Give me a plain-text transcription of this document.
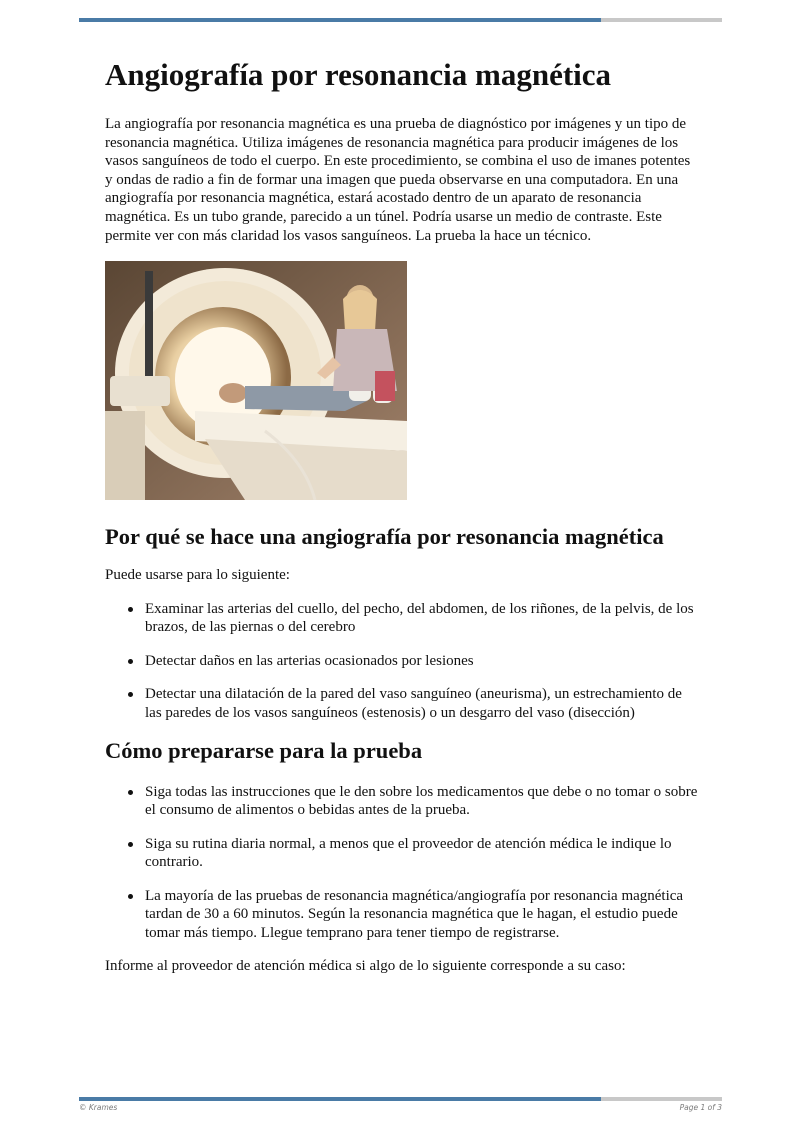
Angiografía por resonancia magnética

La angiografía por resonancia magnética es una prueba de diagnóstico por imágenes y un tipo de resonancia magnética. Utiliza imágenes de resonancia magnética para producir imágenes de los vasos sanguíneos de todo el cuerpo. En este procedimiento, se combina el uso de imanes potentes y ondas de radio a fin de formar una imagen que pueda observarse en una computadora. En una angiografía por resonancia magnética, estará acostado dentro de un aparato de resonancia magnética. Es un tubo grande, parecido a un túnel. Podría usarse un medio de contraste. Este permite ver con más claridad los vasos sanguíneos. La prueba la hace un técnico.

Por qué se hace una angiografía por resonancia magnética

Puede usarse para lo siguiente:

Examinar las arterias del cuello, del pecho, del abdomen, de los riñones, de la pelvis, de los brazos, de las piernas o del cerebro
Detectar daños en las arterias ocasionados por lesiones
Detectar una dilatación de la pared del vaso sanguíneo (aneurisma), un estrechamiento de las paredes de los vasos sanguíneos (estenosis) o un desgarro del vaso (disección)
Cómo prepararse para la prueba
Siga todas las instrucciones que le den sobre los medicamentos que debe o no tomar o sobre el consumo de alimentos o bebidas antes de la prueba.
Siga su rutina diaria normal, a menos que el proveedor de atención médica le indique lo contrario.
La mayoría de las pruebas de resonancia magnética/angiografía por resonancia magnética tardan de 30 a 60 minutos. Según la resonancia magnética que le hagan, el estudio puede tomar más tiempo. Llegue temprano para tener tiempo de registrarse.

Informe al proveedor de atención médica si algo de lo siguiente corresponde a su caso:

© Krames	Page 1 of 3
